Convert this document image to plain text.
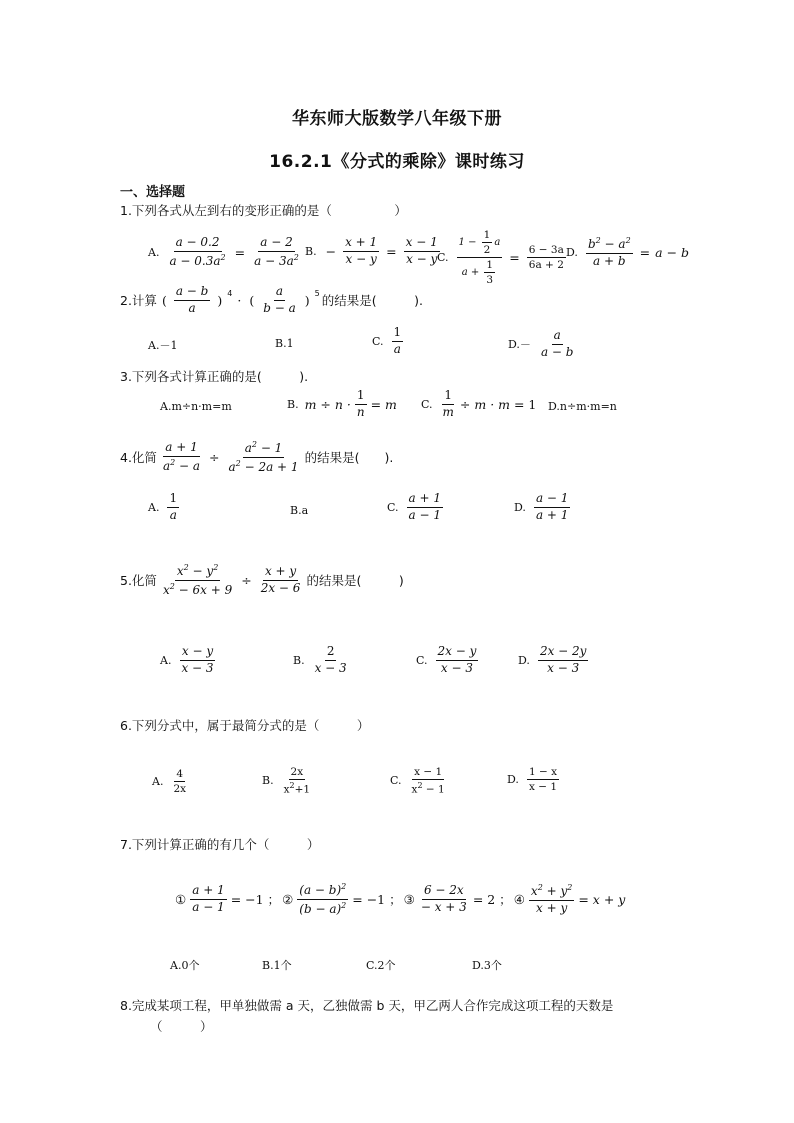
华东师大版数学八年级下册
16.2.1《分式的乘除》课时练习
一、选择题
1.下列各式从左到右的变形正确的是（　　　　　）
A. $\frac{a - 0.2}{a - 0.3a^2} = \frac{a - 2}{a - 3a^2} B$. − $\frac{x + 1}{x - y} = \frac{x - 1}{x - y}$
C. $\frac{1 - \frac{1}{2} a}{a + \frac{1}{3}} = \frac{6 - 3a}{6a + 2} D$. $\frac{b^2 - a^2}{a + b} = a - b$
2.计算 ( $\frac{a - b}{a}$ ) $^4$ · ( $\frac{a}{b - a}$ ) $^5$ 的结果是(　　　).
A.－1	B.1	C. $\frac{1}{a}$	$D.- \frac{a}{a - b}$
3.下列各式计算正确的是(　　　).
A.m÷n·m=m	B. $m \div n \cdot \frac{1}{n} = m$ C. $\frac{1}{m} \div m \cdot m = 1$ D.n÷m·m=n
4.化简 $\frac{a + 1}{a^2 - a} \div \frac{a^2 - 1}{a^2 - 2a + 1}$ 的结果是(　　).
A. $\frac{1}{a}$	B.a	C. $\frac{a + 1}{a - 1}$	D. $\frac{a - 1}{a + 1}$
5.化简 $\frac{x^2 - y^2}{x^2 - 6x + 9} \div \frac{x + y}{2x - 6}$ 的结果是(　　　)
A. $\frac{x - y}{x - 3}$	B. $\frac{2}{x - 3}$	C. $\frac{2x - y}{x - 3}$	D. $\frac{2x - 2y}{x - 3}$
6.下列分式中，属于最简分式的是（　　　）
A. $\frac{4}{2x}$	B. $\frac{2x}{x^2+1}$	C. $\frac{x - 1}{x^2 - 1}$	D. $\frac{1 - x}{x - 1}$
7.下列计算正确的有几个（　　　）
① $\frac{a + 1}{a - 1} = -1$ ； ② $\frac{(a - b)^2}{(b - a)^2} = -1$ ； ③ $\frac{6 - 2x}{- x + 3} = 2$ ； ④ $\frac{x^2 + y^2}{x + y} = x + y$
A.0个	B.1个	C.2个	D.3个
8.完成某项工程，甲单独做需 a 天，乙独做需 b 天，甲乙两人合作完成这项工程的天数是
（　　　）
